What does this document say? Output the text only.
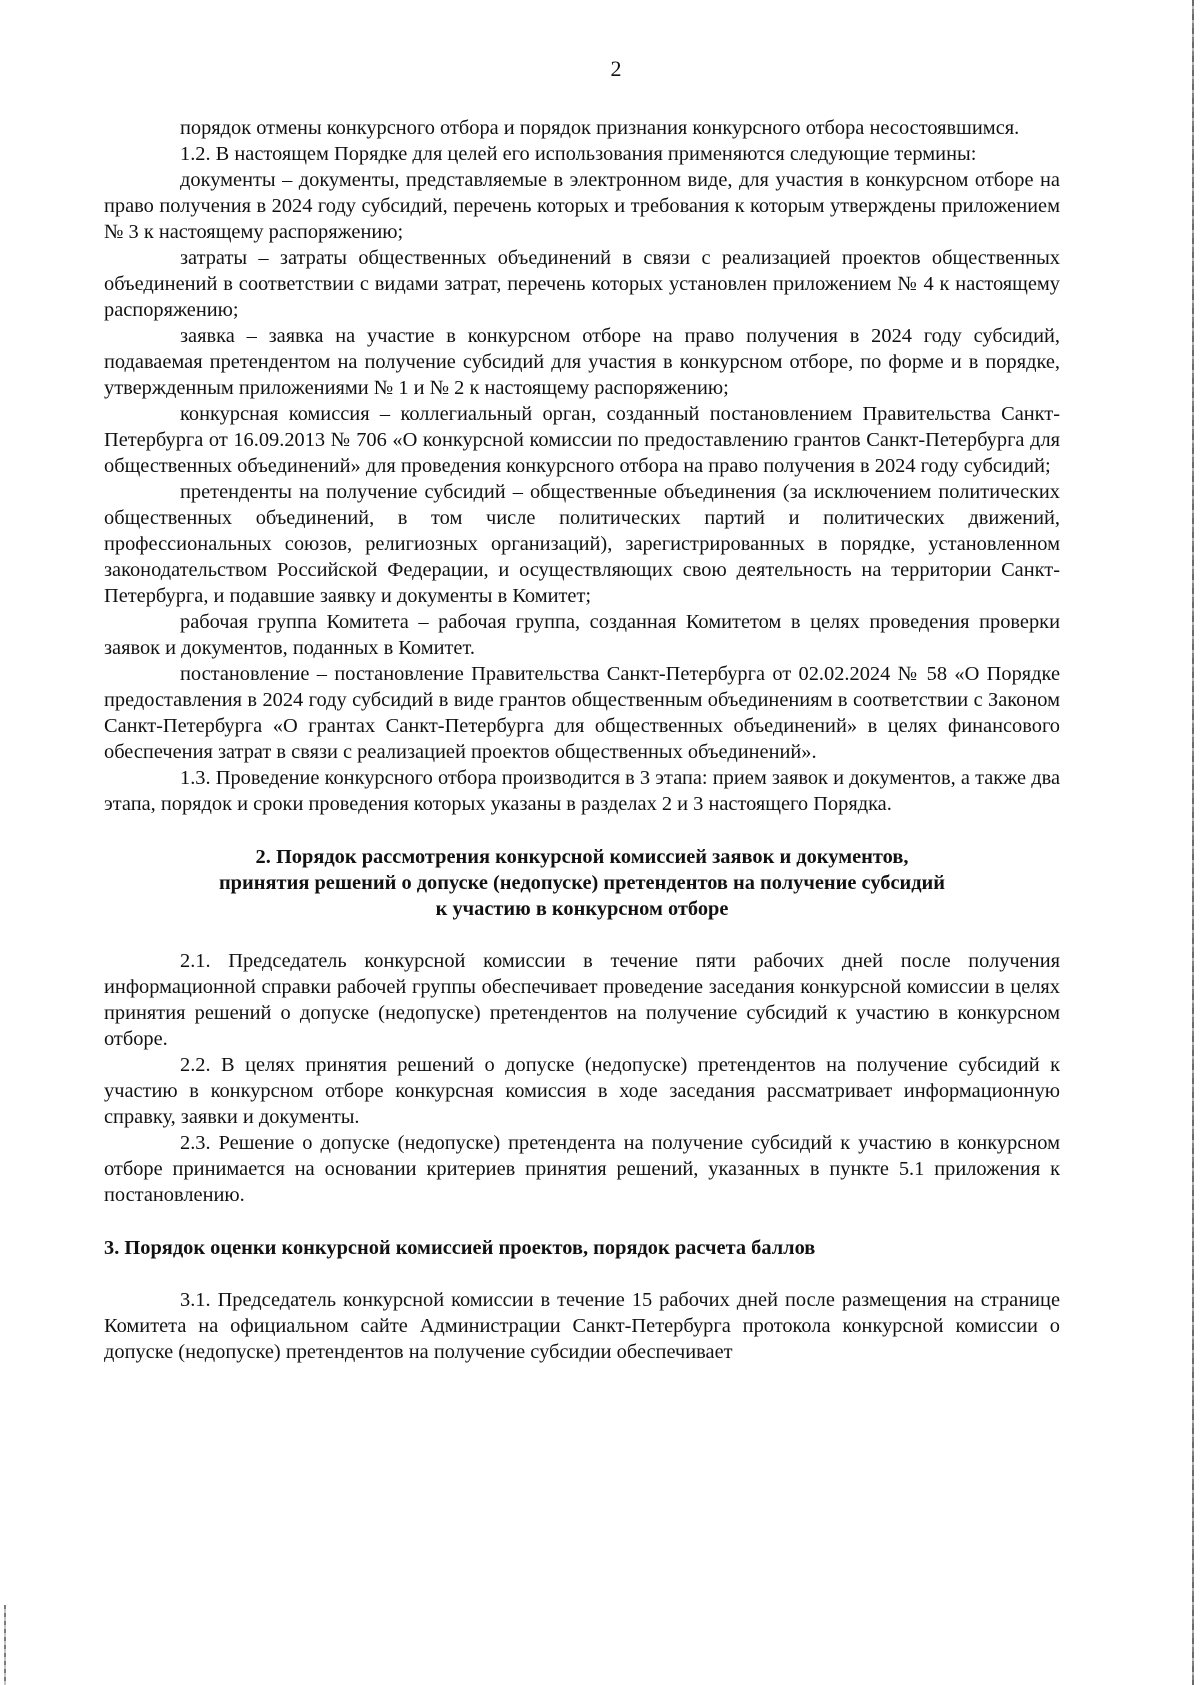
2

порядок отмены конкурсного отбора и порядок признания конкурсного отбора несостоявшимся.

1.2. В настоящем Порядке для целей его использования применяются следующие термины:

документы – документы, представляемые в электронном виде, для участия в конкурсном отборе на право получения в 2024 году субсидий, перечень которых и требования к которым утверждены приложением № 3 к настоящему распоряжению;

затраты – затраты общественных объединений в связи с реализацией проектов общественных объединений в соответствии с видами затрат, перечень которых установлен приложением № 4 к настоящему распоряжению;

заявка – заявка на участие в конкурсном отборе на право получения в 2024 году субсидий, подаваемая претендентом на получение субсидий для участия в конкурсном отборе, по форме и в порядке, утвержденным приложениями № 1 и № 2 к настоящему распоряжению;

конкурсная комиссия – коллегиальный орган, созданный постановлением Правительства Санкт-Петербурга от 16.09.2013 № 706 «О конкурсной комиссии по предоставлению грантов Санкт-Петербурга для общественных объединений» для проведения конкурсного отбора на право получения в 2024 году субсидий;

претенденты на получение субсидий – общественные объединения (за исключением политических общественных объединений, в том числе политических партий и политических движений, профессиональных союзов, религиозных организаций), зарегистрированных в порядке, установленном законодательством Российской Федерации, и осуществляющих свою деятельность на территории Санкт-Петербурга, и подавшие заявку и документы в Комитет;

рабочая группа Комитета – рабочая группа, созданная Комитетом в целях проведения проверки заявок и документов, поданных в Комитет.

постановление – постановление Правительства Санкт-Петербурга от 02.02.2024 № 58 «О Порядке предоставления в 2024 году субсидий в виде грантов общественным объединениям в соответствии с Законом Санкт-Петербурга «О грантах Санкт-Петербурга для общественных объединений» в целях финансового обеспечения затрат в связи с реализацией проектов общественных объединений».

1.3. Проведение конкурсного отбора производится в 3 этапа: прием заявок и документов, а также два этапа, порядок и сроки проведения которых указаны в разделах 2 и 3 настоящего Порядка.

2. Порядок рассмотрения конкурсной комиссией заявок и документов,
принятия решений о допуске (недопуске) претендентов на получение субсидий
к участию в конкурсном отборе

2.1. Председатель конкурсной комиссии в течение пяти рабочих дней после получения информационной справки рабочей группы обеспечивает проведение заседания конкурсной комиссии в целях принятия решений о допуске (недопуске) претендентов на получение субсидий к участию в конкурсном отборе.

2.2. В целях принятия решений о допуске (недопуске) претендентов на получение субсидий к участию в конкурсном отборе конкурсная комиссия в ходе заседания рассматривает информационную справку, заявки и документы.

2.3. Решение о допуске (недопуске) претендента на получение субсидий к участию в конкурсном отборе принимается на основании критериев принятия решений, указанных в пункте 5.1 приложения к постановлению.

3. Порядок оценки конкурсной комиссией проектов, порядок расчета баллов

3.1. Председатель конкурсной комиссии в течение 15 рабочих дней после размещения на странице Комитета на официальном сайте Администрации Санкт-Петербурга протокола конкурсной комиссии о допуске (недопуске) претендентов на получение субсидии обеспечивает
